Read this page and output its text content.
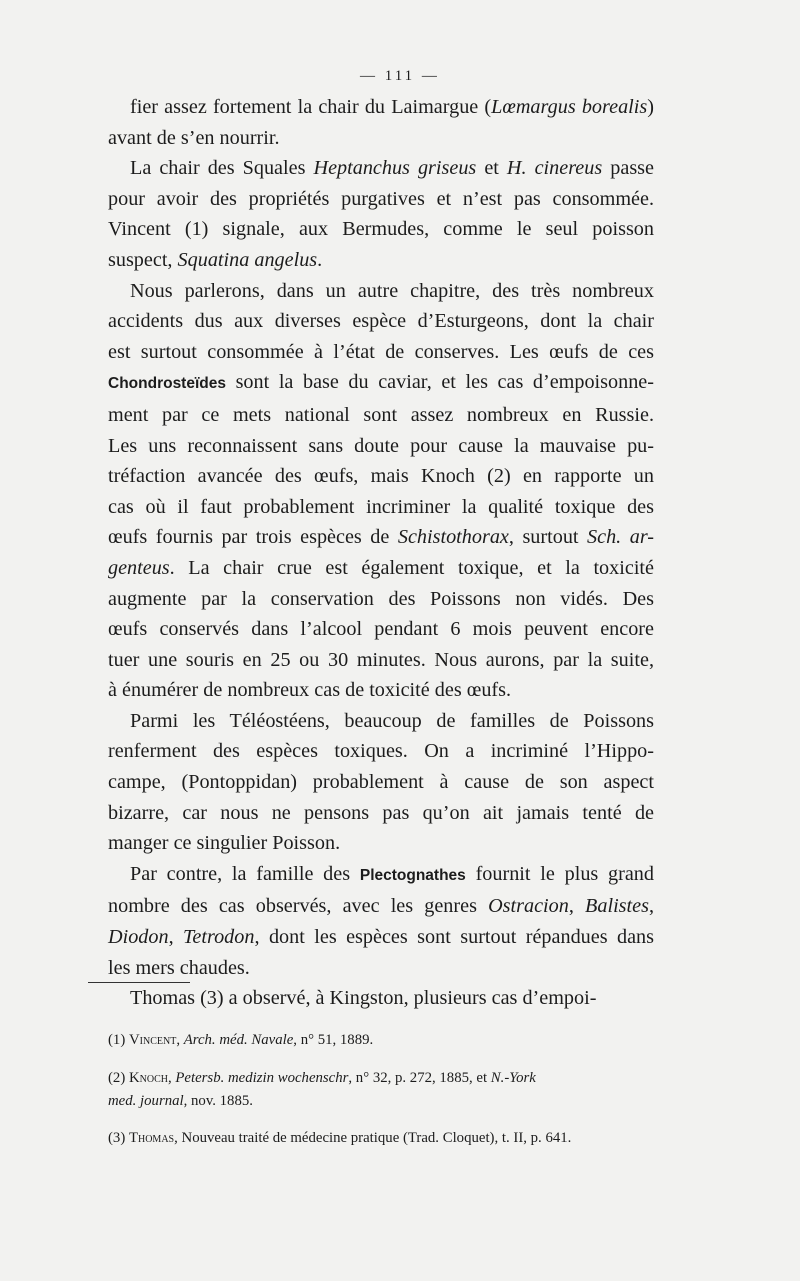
— 111 —

fier assez fortement la chair du Laimargue (Lœmargus borealis)
avant de s’en nourrir.

La chair des Squales Heptanchus griseus et H. cinereus passe
pour avoir des propriétés purgatives et n’est pas consommée.
Vincent (1) signale, aux Bermudes, comme le seul poisson
suspect, Squatina angelus.

Nous parlerons, dans un autre chapitre, des très nombreux
accidents dus aux diverses espèce d’Esturgeons, dont la chair
est surtout consommée à l’état de conserves. Les œufs de ces
Chondrosteïdes sont la base du caviar, et les cas d’empoisonne-
ment par ce mets national sont assez nombreux en Russie.
Les uns reconnaissent sans doute pour cause la mauvaise pu-
tréfaction avancée des œufs, mais Knoch (2) en rapporte un
cas où il faut probablement incriminer la qualité toxique des
œufs fournis par trois espèces de Schistothorax, surtout Sch. ar-
genteus. La chair crue est également toxique, et la toxicité
augmente par la conservation des Poissons non vidés. Des
œufs conservés dans l’alcool pendant 6 mois peuvent encore
tuer une souris en 25 ou 30 minutes. Nous aurons, par la suite,
à énumérer de nombreux cas de toxicité des œufs.

Parmi les Téléostéens, beaucoup de familles de Poissons
renferment des espèces toxiques. On a incriminé l’Hippo-
campe, (Pontoppidan) probablement à cause de son aspect
bizarre, car nous ne pensons pas qu’on ait jamais tenté de
manger ce singulier Poisson.

Par contre, la famille des Plectognathes fournit le plus grand
nombre des cas observés, avec les genres Ostracion, Balistes,
Diodon, Tetrodon, dont les espèces sont surtout répandues dans
les mers chaudes.

Thomas (3) a observé, à Kingston, plusieurs cas d’empoi-

(1) Vincent, Arch. méd. Navale, n° 51, 1889.

(2) Knoch, Petersb. medizin wochenschr, n° 32, p. 272, 1885, et N.-York
med. journal, nov. 1885.

(3) Thomas, Nouveau traité de médecine pratique (Trad. Cloquet), t. II, p. 641.
